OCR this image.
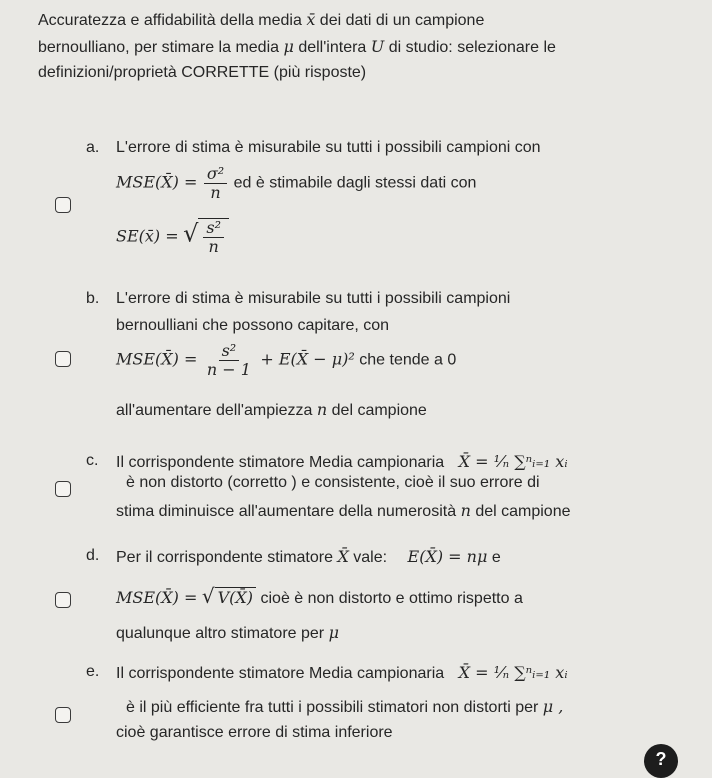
Accuratezza e affidabilità della media x̄ dei dati di un campione
bernoulliano, per stimare la media μ dell'intera U di studio: selezionare le
definizioni/proprietà CORRETTE (più risposte)
a. L'errore di stima è misurabile su tutti i possibili campioni con
MSE(X̄) = $\frac{\text{σ²}}{n}$ ed è stimabile dagli stessi dati con
SE(x̄) = √ $\frac{\text{s²}}{n}$
b. L'errore di stima è misurabile su tutti i possibili campioni
bernoulliani che possono capitare, con
MSE(X̄) = $\frac{\text{s²}}{n - 1}$ + E(X̄ − μ)² che tende a 0
all'aumentare dell'ampiezza n del campione
c. Il corrispondente stimatore Media campionaria X̄ = ¹⁄ₙ ∑ⁿᵢ₌₁ xᵢ
è non distorto (corretto ) e consistente, cioè il suo errore di
stima diminuisce all'aumentare della numerosità n del campione
d. Per il corrispondente stimatore X̄ vale: E(X̄) = nμ e
MSE(X̄) = √ V(X̄) cioè è non distorto e ottimo rispetto a
qualunque altro stimatore per μ
e. Il corrispondente stimatore Media campionaria X̄ = ¹⁄ₙ ∑ⁿᵢ₌₁ xᵢ
è il più efficiente fra tutti i possibili stimatori non distorti per μ ,
cioè garantisce errore di stima inferiore
?
